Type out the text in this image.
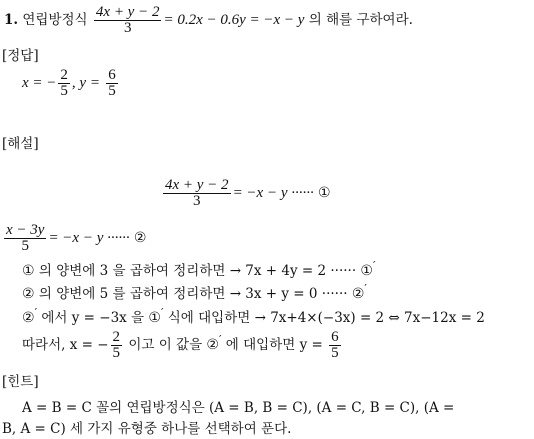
1. 연립방정식 $\frac{4x + y - 2}{3} = 0.2x - 0.6y = -x - y$ 의 해를 구하여라.
[정답]
x = − $\frac{2}{5}$ , $y = \frac{6}{5}$
[해설]
$\frac{4x + y - 2}{3} = -x - y$ ······ ①
$\frac{x - 3y}{5} = -x - y$ ······ ②
① 의 양변에 3 을 곱하여 정리하면 → 7x + 4y = 2 ······ ①′
② 의 양변에 5 를 곱하여 정리하면 → 3x + y = 0 ······ ②′
②′ 에서 y = −3x 을 ①′ 식에 대입하면 → 7x+4×(−3x) = 2 ⇔ 7x−12x = 2
따라서, x = − $\frac{2}{5}$ 이고 이 값을 ②′ 에 대입하면 $y = \frac{6}{5}$
[힌트]
A = B = C 꼴의 연립방정식은 (A = B, B = C), (A = C, B = C), (A =
B, A = C) 세 가지 유형중 하나를 선택하여 푼다.
